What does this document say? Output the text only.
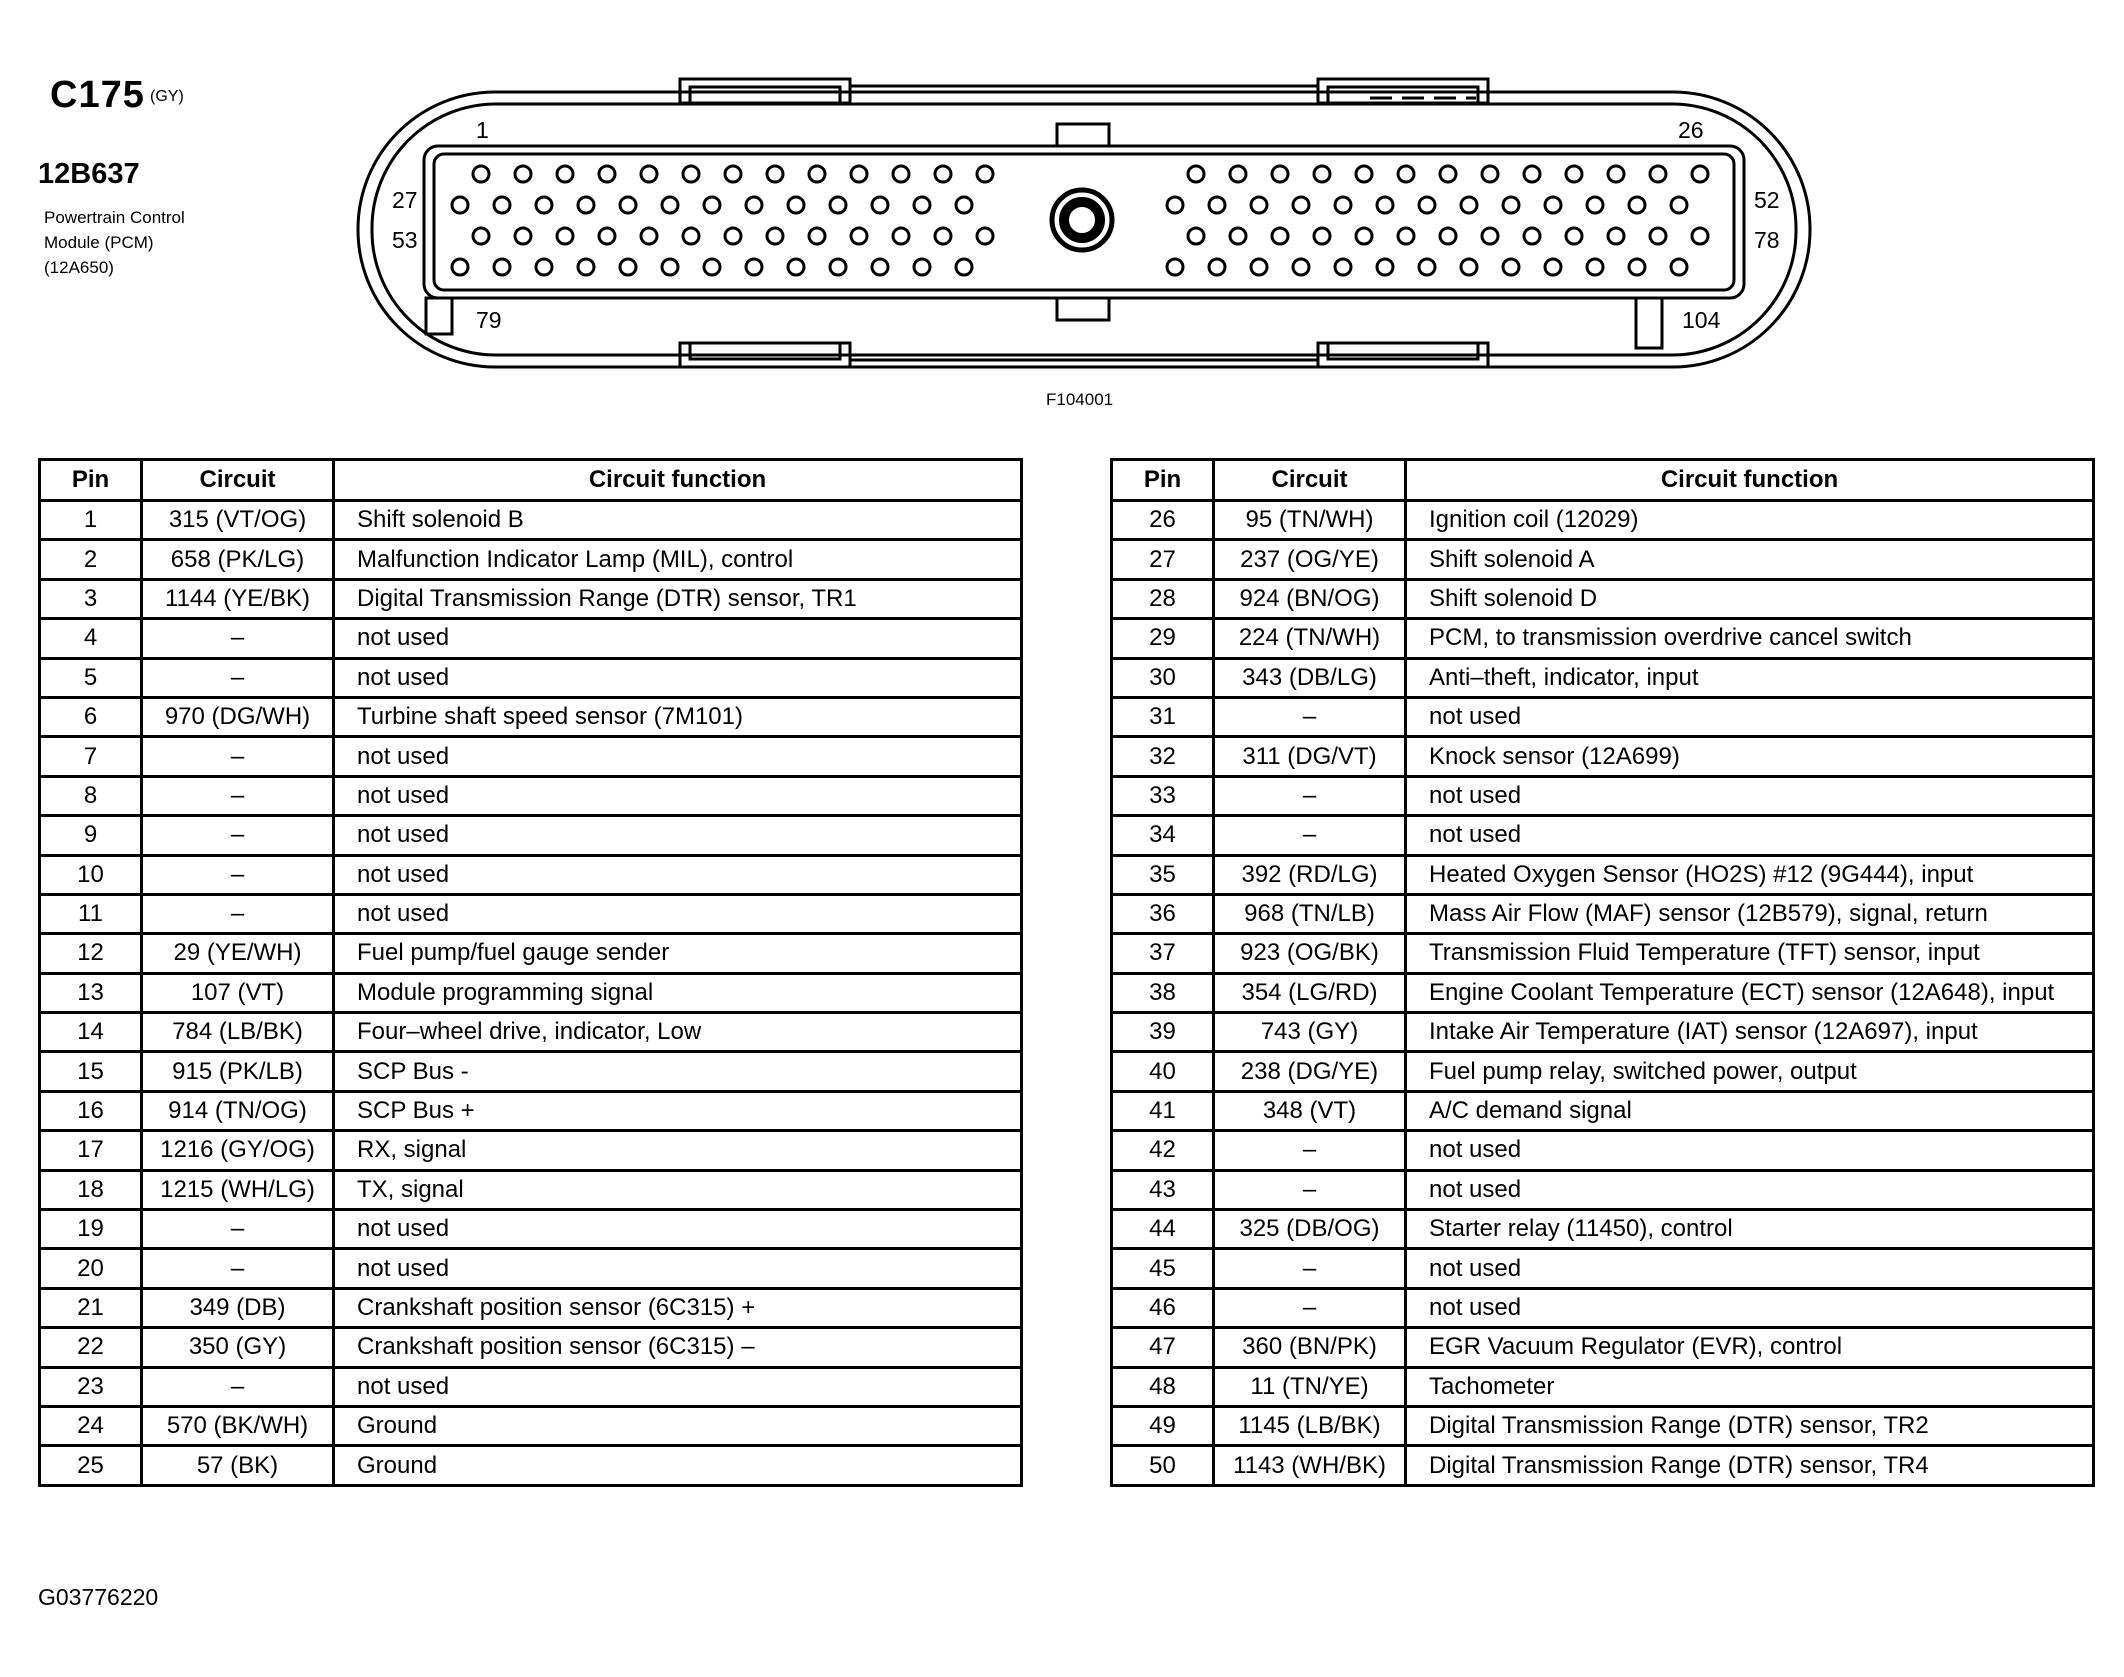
C175 (GY)
12B637
Powertrain Control
Module (PCM)
(12A650)
1	26
27
53
52
78
79	104
F104001
Pin	Circuit	Circuit function
1	315 (VT/OG)	Shift solenoid B
2	658 (PK/LG)	Malfunction Indicator Lamp (MIL), control
3	1144 (YE/BK)	Digital Transmission Range (DTR) sensor, TR1
4	–	not used
5	–	not used
6	970 (DG/WH)	Turbine shaft speed sensor (7M101)
7	–	not used
8	–	not used
9	–	not used
10	–	not used
11	–	not used
12	29 (YE/WH)	Fuel pump/fuel gauge sender
13	107 (VT)	Module programming signal
14	784 (LB/BK)	Four–wheel drive, indicator, Low
15	915 (PK/LB)	SCP Bus -
16	914 (TN/OG)	SCP Bus +
17	1216 (GY/OG)	RX, signal
18	1215 (WH/LG)	TX, signal
19	–	not used
20	–	not used
21	349 (DB)	Crankshaft position sensor (6C315) +
22	350 (GY)	Crankshaft position sensor (6C315) –
23	–	not used
24	570 (BK/WH)	Ground
25	57 (BK)	Ground
Pin	Circuit	Circuit function
26	95 (TN/WH)	Ignition coil (12029)
27	237 (OG/YE)	Shift solenoid A
28	924 (BN/OG)	Shift solenoid D
29	224 (TN/WH)	PCM, to transmission overdrive cancel switch
30	343 (DB/LG)	Anti–theft, indicator, input
31	–	not used
32	311 (DG/VT)	Knock sensor (12A699)
33	–	not used
34	–	not used
35	392 (RD/LG)	Heated Oxygen Sensor (HO2S) #12 (9G444), input
36	968 (TN/LB)	Mass Air Flow (MAF) sensor (12B579), signal, return
37	923 (OG/BK)	Transmission Fluid Temperature (TFT) sensor, input
38	354 (LG/RD)	Engine Coolant Temperature (ECT) sensor (12A648), input
39	743 (GY)	Intake Air Temperature (IAT) sensor (12A697), input
40	238 (DG/YE)	Fuel pump relay, switched power, output
41	348 (VT)	A/C demand signal
42	–	not used
43	–	not used
44	325 (DB/OG)	Starter relay (11450), control
45	–	not used
46	–	not used
47	360 (BN/PK)	EGR Vacuum Regulator (EVR), control
48	11 (TN/YE)	Tachometer
49	1145 (LB/BK)	Digital Transmission Range (DTR) sensor, TR2
50	1143 (WH/BK)	Digital Transmission Range (DTR) sensor, TR4
G03776220
